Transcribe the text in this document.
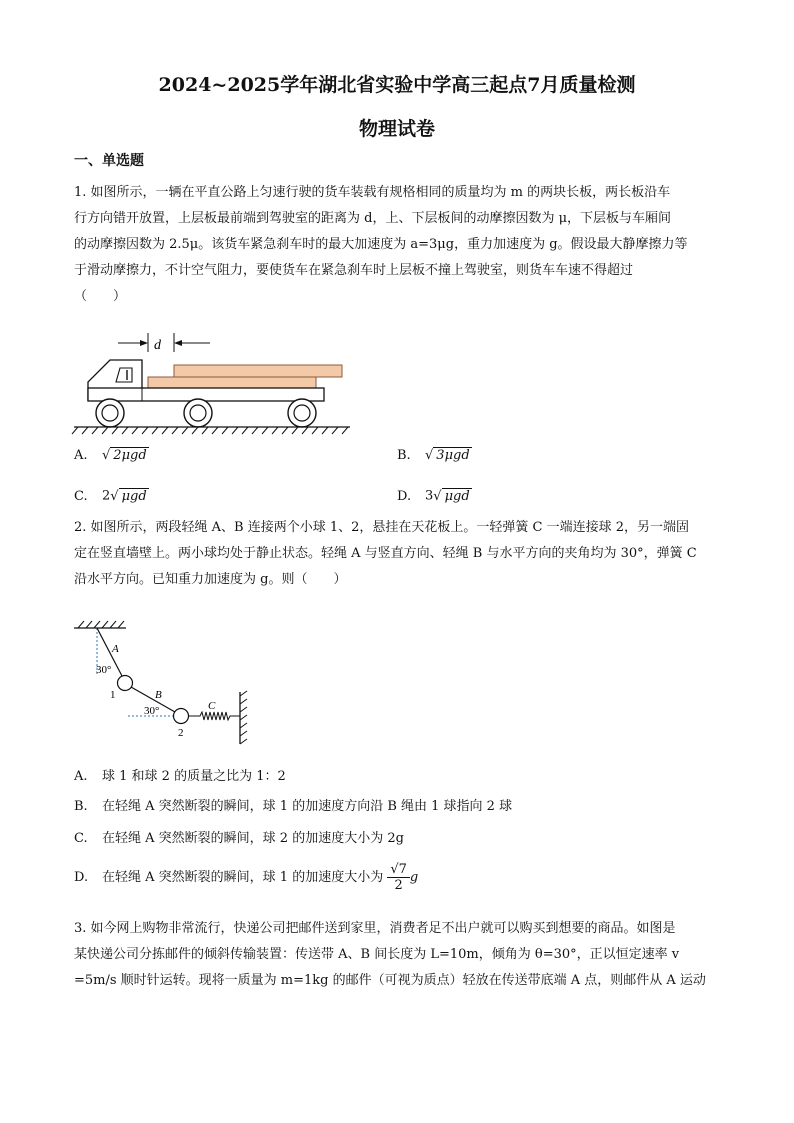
2024~2025学年湖北省实验中学高三起点7月质量检测
物理试卷
一、单选题
1. 如图所示，一辆在平直公路上匀速行驶的货车装载有规格相同的质量均为 m 的两块长板，两长板沿车
行方向错开放置，上层板最前端到驾驶室的距离为 d，上、下层板间的动摩擦因数为 μ，下层板与车厢间
的动摩擦因数为 2.5μ。该货车紧急刹车时的最大加速度为 a=3μg，重力加速度为 g。假设最大静摩擦力等
于滑动摩擦力，不计空气阻力，要使货车在紧急刹车时上层板不撞上驾驶室，则货车车速不得超过
（　　）
d
A. √ 2μgd	B. √ 3μgd
C. 2√ μgd	D. 3√ μgd
2. 如图所示，两段轻绳 A、B 连接两个小球 1、2，悬挂在天花板上。一轻弹簧 C 一端连接球 2，另一端固
定在竖直墙壁上。两小球均处于静止状态。轻绳 A 与竖直方向、轻绳 B 与水平方向的夹角均为 30°，弹簧 C
沿水平方向。已知重力加速度为 g。则（　　）
A
30°
1	B
30°
2
C
A. 球 1 和球 2 的质量之比为 1：2
B. 在轻绳 A 突然断裂的瞬间，球 1 的加速度方向沿 B 绳由 1 球指向 2 球
C. 在轻绳 A 突然断裂的瞬间，球 2 的加速度大小为 2g
D. 在轻绳 A 突然断裂的瞬间，球 1 的加速度大小为 $\frac{√7}{2}$ g
3. 如今网上购物非常流行，快递公司把邮件送到家里，消费者足不出户就可以购买到想要的商品。如图是
某快递公司分拣邮件的倾斜传输装置：传送带 A、B 间长度为 L=10m，倾角为 θ=30°，正以恒定速率 v
=5m/s 顺时针运转。现将一质量为 m=1kg 的邮件（可视为质点）轻放在传送带底端 A 点，则邮件从 A 运动
